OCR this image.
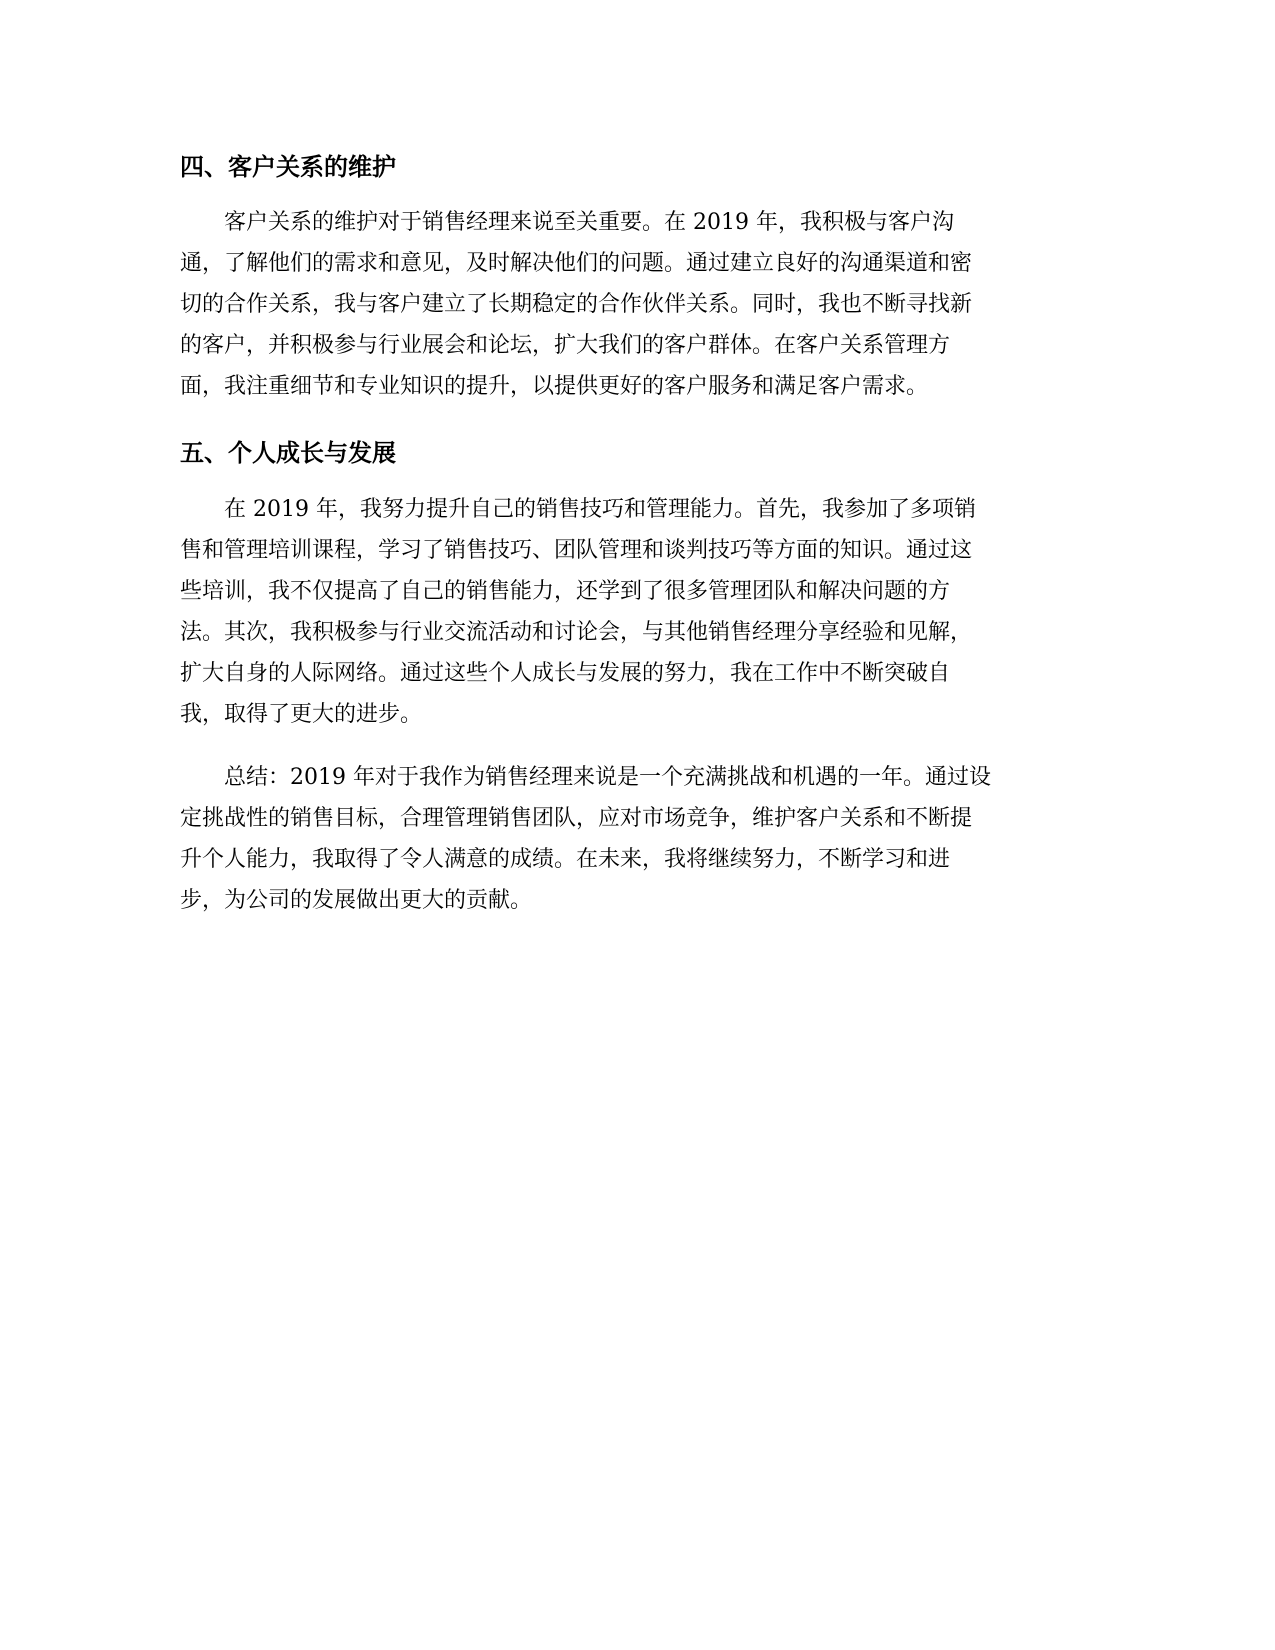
四、客户关系的维护

客户关系的维护对于销售经理来说至关重要。在 2019 年，我积极与客户沟
通，了解他们的需求和意见，及时解决他们的问题。通过建立良好的沟通渠道和密
切的合作关系，我与客户建立了长期稳定的合作伙伴关系。同时，我也不断寻找新
的客户，并积极参与行业展会和论坛，扩大我们的客户群体。在客户关系管理方
面，我注重细节和专业知识的提升，以提供更好的客户服务和满足客户需求。

五、个人成长与发展

在 2019 年，我努力提升自己的销售技巧和管理能力。首先，我参加了多项销
售和管理培训课程，学习了销售技巧、团队管理和谈判技巧等方面的知识。通过这
些培训，我不仅提高了自己的销售能力，还学到了很多管理团队和解决问题的方
法。其次，我积极参与行业交流活动和讨论会，与其他销售经理分享经验和见解，
扩大自身的人际网络。通过这些个人成长与发展的努力，我在工作中不断突破自
我，取得了更大的进步。

总结：2019 年对于我作为销售经理来说是一个充满挑战和机遇的一年。通过设
定挑战性的销售目标，合理管理销售团队，应对市场竞争，维护客户关系和不断提
升个人能力，我取得了令人满意的成绩。在未来，我将继续努力，不断学习和进
步，为公司的发展做出更大的贡献。
